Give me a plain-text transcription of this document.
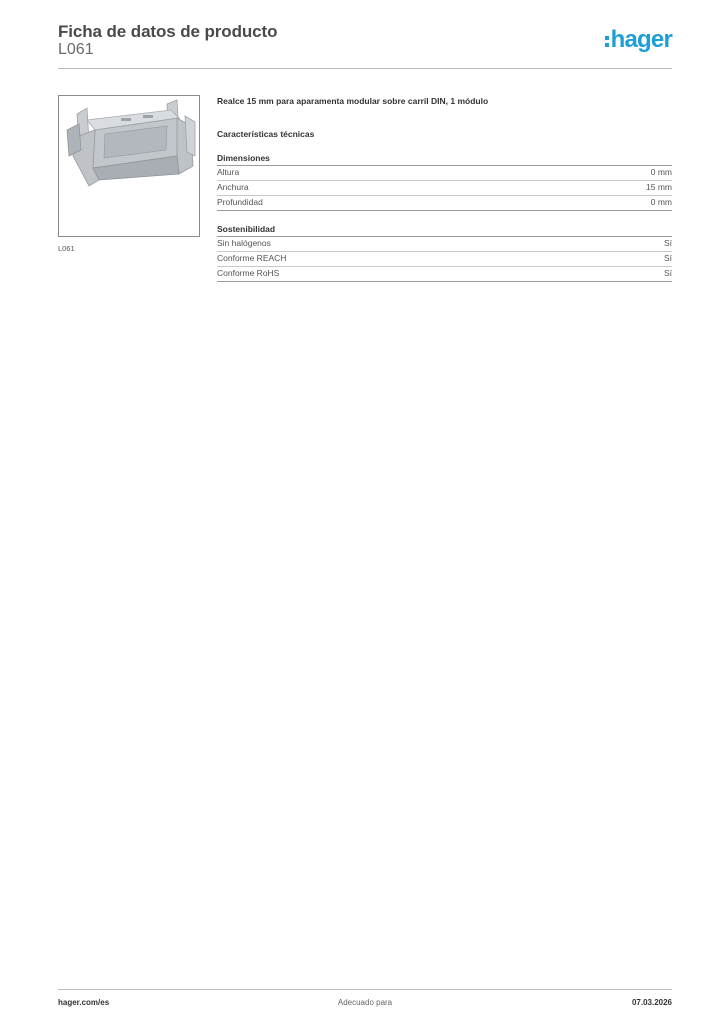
Ficha de datos de producto
L061	hager
L061

Realce 15 mm para aparamenta modular sobre carril DIN, 1 módulo

Características técnicas
Dimensiones
Altura	0 mm
Anchura	15 mm
Profundidad	0 mm
Sostenibilidad
Sin halógenos	Sí
Conforme REACH	Sí
Conforme RoHS	Sí
hager.com/es	Adecuado para	07.03.2026
